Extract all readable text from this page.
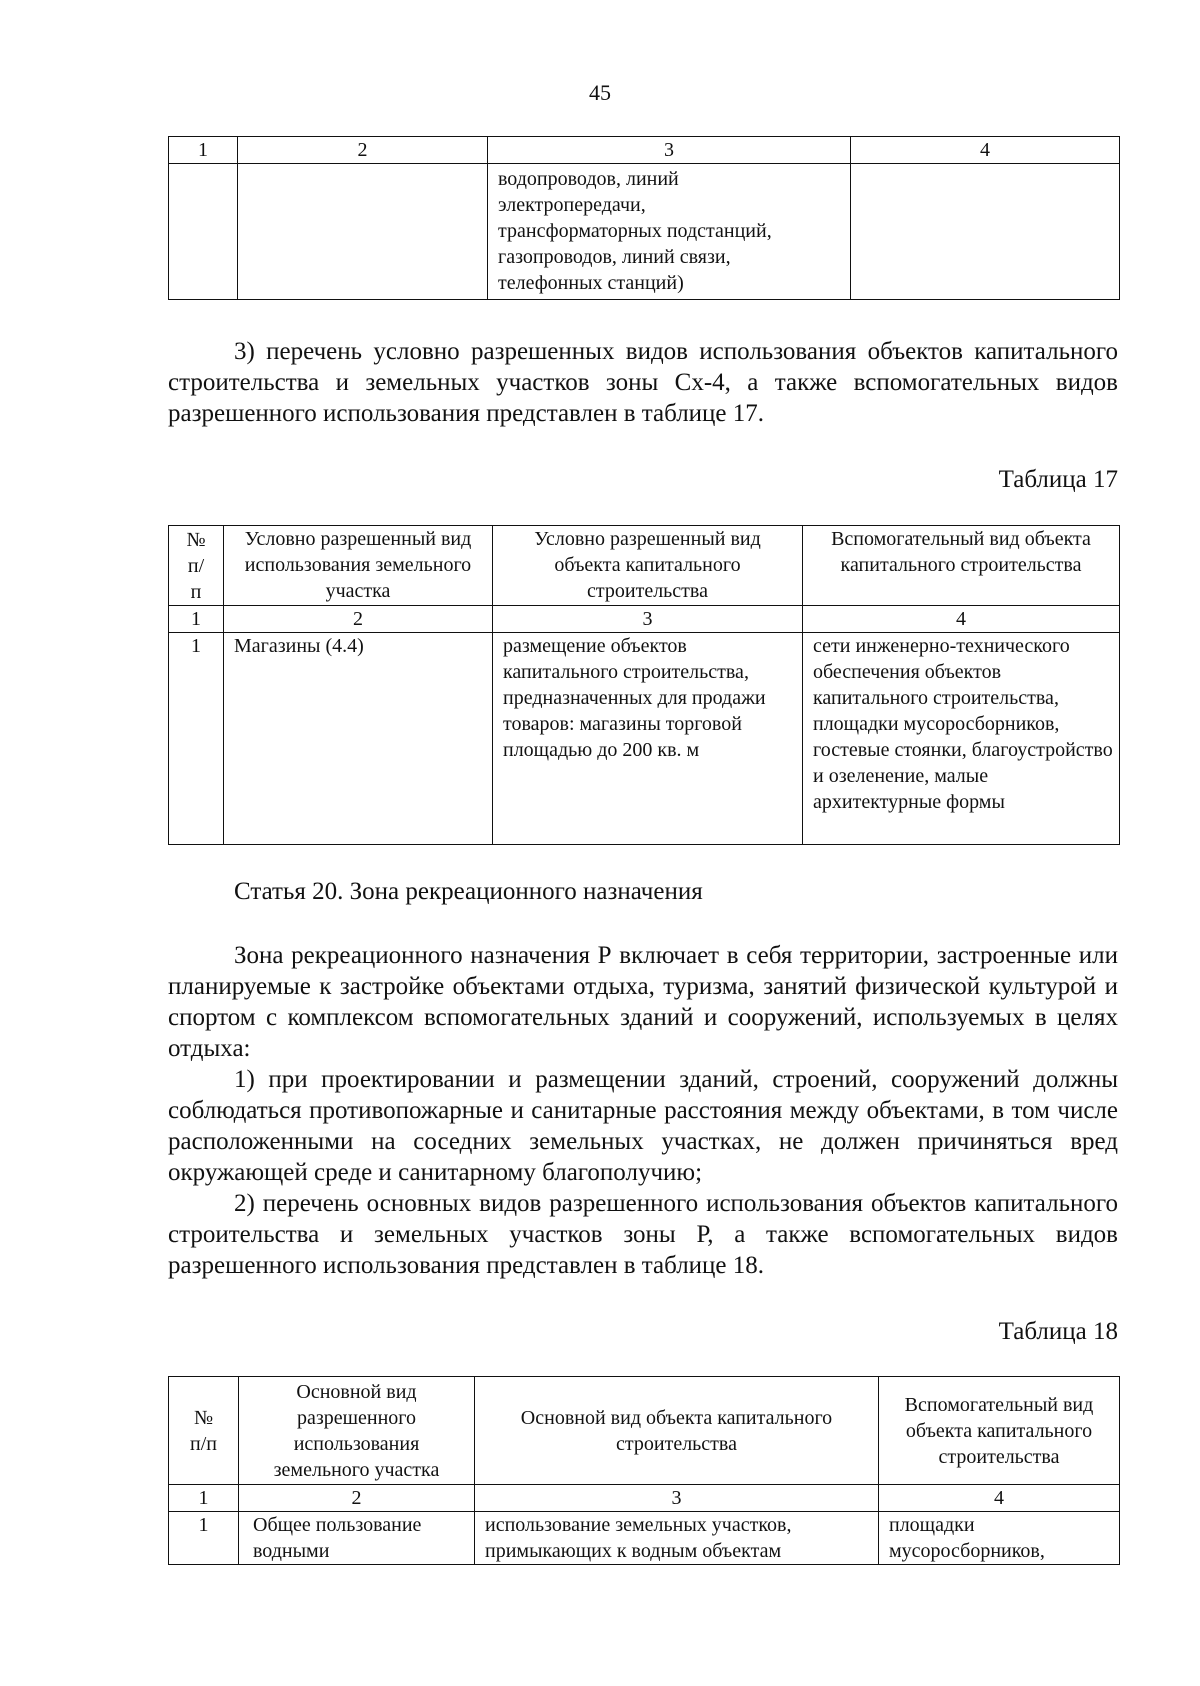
45
1	2	3	4

		водопроводов, линий
электропередачи,
трансформаторных подстанций,
газопроводов, линий связи,
телефонных станций)	

3) перечень условно разрешенных видов использования объектов капитального строительства и земельных участков зоны Сх-4, а также вспомогательных видов разрешенного использования представлен в таблице 17.

Таблица 17
№ п/п	Условно разрешенный вид использования земельного участка	Условно разрешенный вид объекта капитального строительства	Вспомогательный вид объекта капитального строительства
1	2	3	4
1	Магазины (4.4)	размещение объектов капитального строительства, предназначенных для продажи товаров: магазины торговой площадью до 200 кв. м	сети инженерно-технического обеспечения объектов капитального строительства, площадки мусоросборников, гостевые стоянки, благоустройство и озеленение, малые архитектурные формы
Статья 20. Зона рекреационного назначения

Зона рекреационного назначения Р включает в себя территории, застроенные или планируемые к застройке объектами отдыха, туризма, занятий физической культурой и спортом с комплексом вспомогательных зданий и сооружений, используемых в целях отдыха:

1) при проектировании и размещении зданий, строений, сооружений должны соблюдаться противопожарные и санитарные расстояния между объектами, в том числе расположенными на соседних земельных участках, не должен причиняться вред окружающей среде и санитарному благополучию;

2) перечень основных видов разрешенного использования объектов капитального строительства и земельных участков зоны Р, а также вспомогательных видов разрешенного использования представлен в таблице 18.

Таблица 18
№ п/п	Основной вид разрешенного использования земельного участка	Основной вид объекта капитального строительства	Вспомогательный вид объекта капитального строительства
1	2	3	4
1	Общее пользование водными	использование земельных участков, примыкающих к водным объектам	площадки мусоросборников,
